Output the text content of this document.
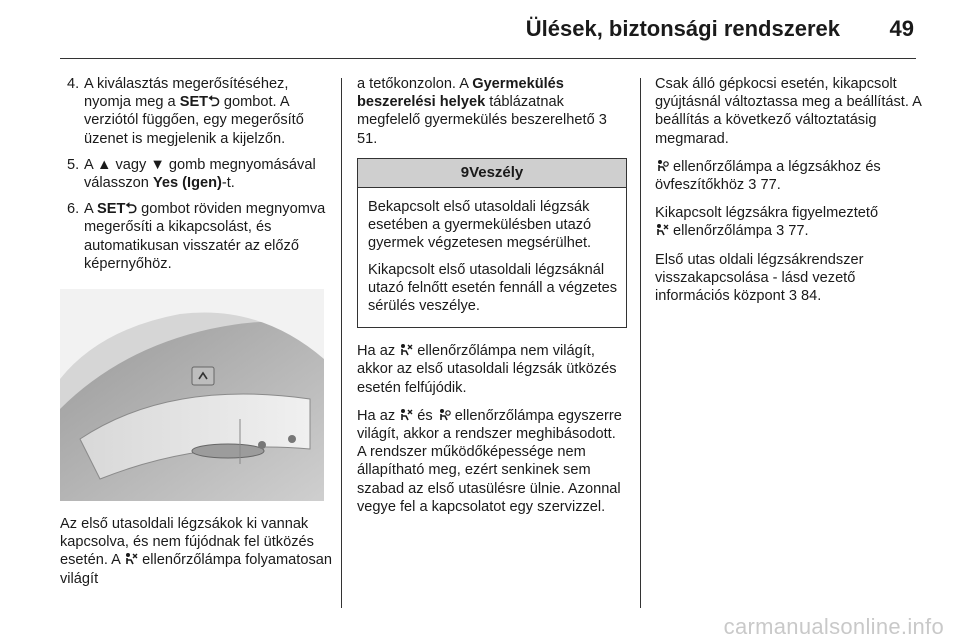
Ülések, biztonsági rendszerek 49
4. A kiválasztás megerősítéséhez, nyomja meg a SET⮌ gombot. A verziótól függően, egy megerősítő üzenet is megjelenik a kijelzőn.
5. A ▲ vagy ▼ gomb megnyomásával válasszon Yes (Igen)-t.
6. A SET⮌ gombot röviden megnyomva megerősíti a kikapcsolást, és automatikusan visszatér az előző képernyőhöz.

Az első utasoldali légzsákok ki vannak kapcsolva, és nem fújódnak fel ütközés esetén. A  ellenőrzőlámpa folyamatosan világít

a tetőkonzolon. A Gyermekülés beszerelési helyek táblázatnak megfelelő gyermekülés beszerelhető 3 51.

9Veszély

Bekapcsolt első utasoldali légzsák esetében a gyermekülésben utazó gyermek végzetesen megsérülhet.

Kikapcsolt első utasoldali légzsáknál utazó felnőtt esetén fennáll a végzetes sérülés veszélye.

Ha az  ellenőrzőlámpa nem világít, akkor az első utasoldali légzsák ütközés esetén felfújódik.

Ha az  és  ellenőrzőlámpa egyszerre világít, akkor a rendszer meghibásodott. A rendszer működőképessége nem állapítható meg, ezért senkinek sem szabad az első utasülésre ülnie. Azonnal vegye fel a kapcsolatot egy szervizzel.

Csak álló gépkocsi esetén, kikapcsolt gyújtásnál változtassa meg a beállítást. A beállítás a következő változtatásig megmarad.

ellenőrzőlámpa a légzsákhoz és övfeszítőkhöz 3 77.

Kikapcsolt légzsákra figyelmeztető
ellenőrzőlámpa 3 77.

Első utas oldali légzsákrendszer visszakapcsolása - lásd vezető információs központ 3 84.

carmanualsonline.info
